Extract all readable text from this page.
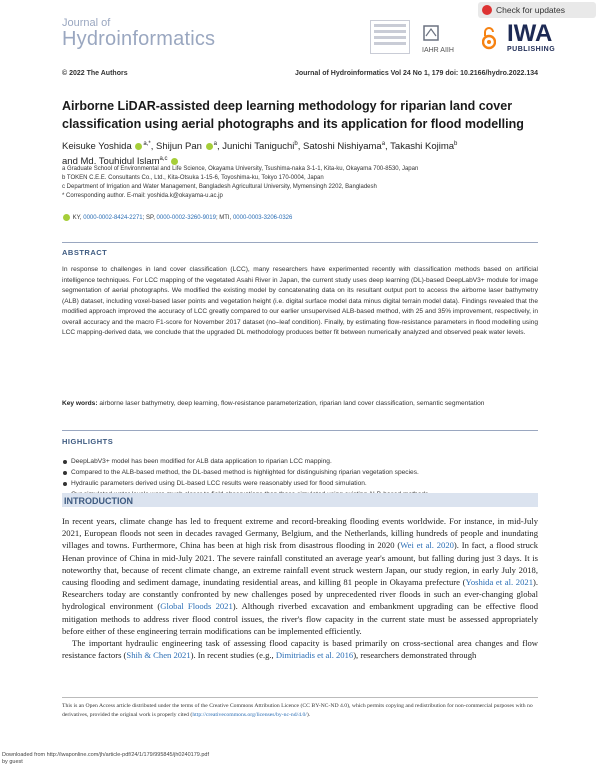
Journal of
Hydroinformatics
Check for updates
IAHR AIIH
IWA
PUBLISHING
© 2022 The Authors	Journal of Hydroinformatics Vol 24 No 1, 179 doi: 10.2166/hydro.2022.134
Airborne LiDAR-assisted deep learning methodology for riparian land cover classification using aerial photographs and its application for flood modelling
Keisuke Yoshida $^{a,*}$, Shijun Pan $^a$, Junichi Taniguchi$^b$, Satoshi Nishiyama$^a$, Takashi Kojima$^b$
and Md. Touhidul Islam$^{a,c}$
a Graduate School of Environmental and Life Science, Okayama University, Tsushima-naka 3-1-1, Kita-ku, Okayama 700-8530, Japan
b TOKEN C.E.E. Consultants Co., Ltd., Kita-Otsuka 1-15-6, Toyoshima-ku, Tokyo 170-0004, Japan
c Department of Irrigation and Water Management, Bangladesh Agricultural University, Mymensingh 2202, Bangladesh
* Corresponding author. E-mail: yoshida.k@okayama-u.ac.jp
KY, 0000-0002-8424-2271; SP, 0000-0002-3260-9019; MTI, 0000-0003-3206-0326
ABSTRACT
In response to challenges in land cover classification (LCC), many researchers have experimented recently with classification methods based on artificial intelligence techniques. For LCC mapping of the vegetated Asahi River in Japan, the current study uses deep learning (DL)-based DeepLabV3+ module for image segmentation of aerial photographs. We modified the existing model by concatenating data on its resultant output port to access the airborne laser bathymetry (ALB) dataset, including voxel-based laser points and vegetation height (i.e. digital surface model data minus digital terrain model data). Findings revealed that the modified approach improved the accuracy of LCC greatly compared to our earlier unsupervised ALB-based method, with 25 and 35% improvement, respectively, in overall accuracy and the macro F1-score for November 2017 dataset (no–leaf condition). Finally, by estimating flow-resistance parameters in flood modelling using LCC mapping-derived data, we conclude that the upgraded DL methodology produces better fit between numerically analyzed and observed peak water levels.
Key words: airborne laser bathymetry, deep learning, flow-resistance parameterization, riparian land cover classification, semantic segmentation
HIGHLIGHTS
DeepLabV3+ model has been modified for ALB data application to riparian LCC mapping.
Compared to the ALB-based method, the DL-based method is highlighted for distinguishing riparian vegetation species.
Hydraulic parameters derived using DL-based LCC results were reasonably used for flood simulation.
INTRODUCTION

In recent years, climate change has led to frequent extreme and record-breaking flooding events worldwide. For instance, in mid-July 2021, European floods not seen in decades ravaged Germany, Belgium, and the Netherlands, killing hundreds of people and inundating villages and towns. Furthermore, China has been at high risk from disastrous flooding in 2020 (Wei et al. 2020). In fact, a flood struck Henan province of China in mid-July 2021. The severe rainfall constituted an average year's amount, but falling during just 3 days. It is noteworthy that, because of recent climate change, an extreme rainfall event struck western Japan, our study region, in early July 2018, causing flooding and sediment damage, inundating residential areas, and killing 81 people in Okayama prefecture (Yoshida et al. 2021). Researchers today are constantly confronted by new challenges posed by unprecedented river floods in such an ever-changing global hydrological environment (Global Floods 2021). Although riverbed excavation and embankment upgrading can be effective flood mitigation methods to address river flood control issues, the river's flow capacity in the current state must be assessed appropriately before either of these engineering terrain modifications can be implemented efficiently.

The important hydraulic engineering task of assessing flood capacity is based primarily on cross-sectional area changes and flow resistance factors (Shih & Chen 2021). In recent studies (e.g., Dimitriadis et al. 2016), researchers demonstrated through

This is an Open Access article distributed under the terms of the Creative Commons Attribution Licence (CC BY-NC-ND 4.0), which permits copying and redistribution for non-commercial purposes with no derivatives, provided the original work is properly cited (http://creativecommons.org/licenses/by-nc-nd/4.0/).
Downloaded from http://iwaponline.com/jh/article-pdf/24/1/179/995845/jh0240179.pdf
by guest
